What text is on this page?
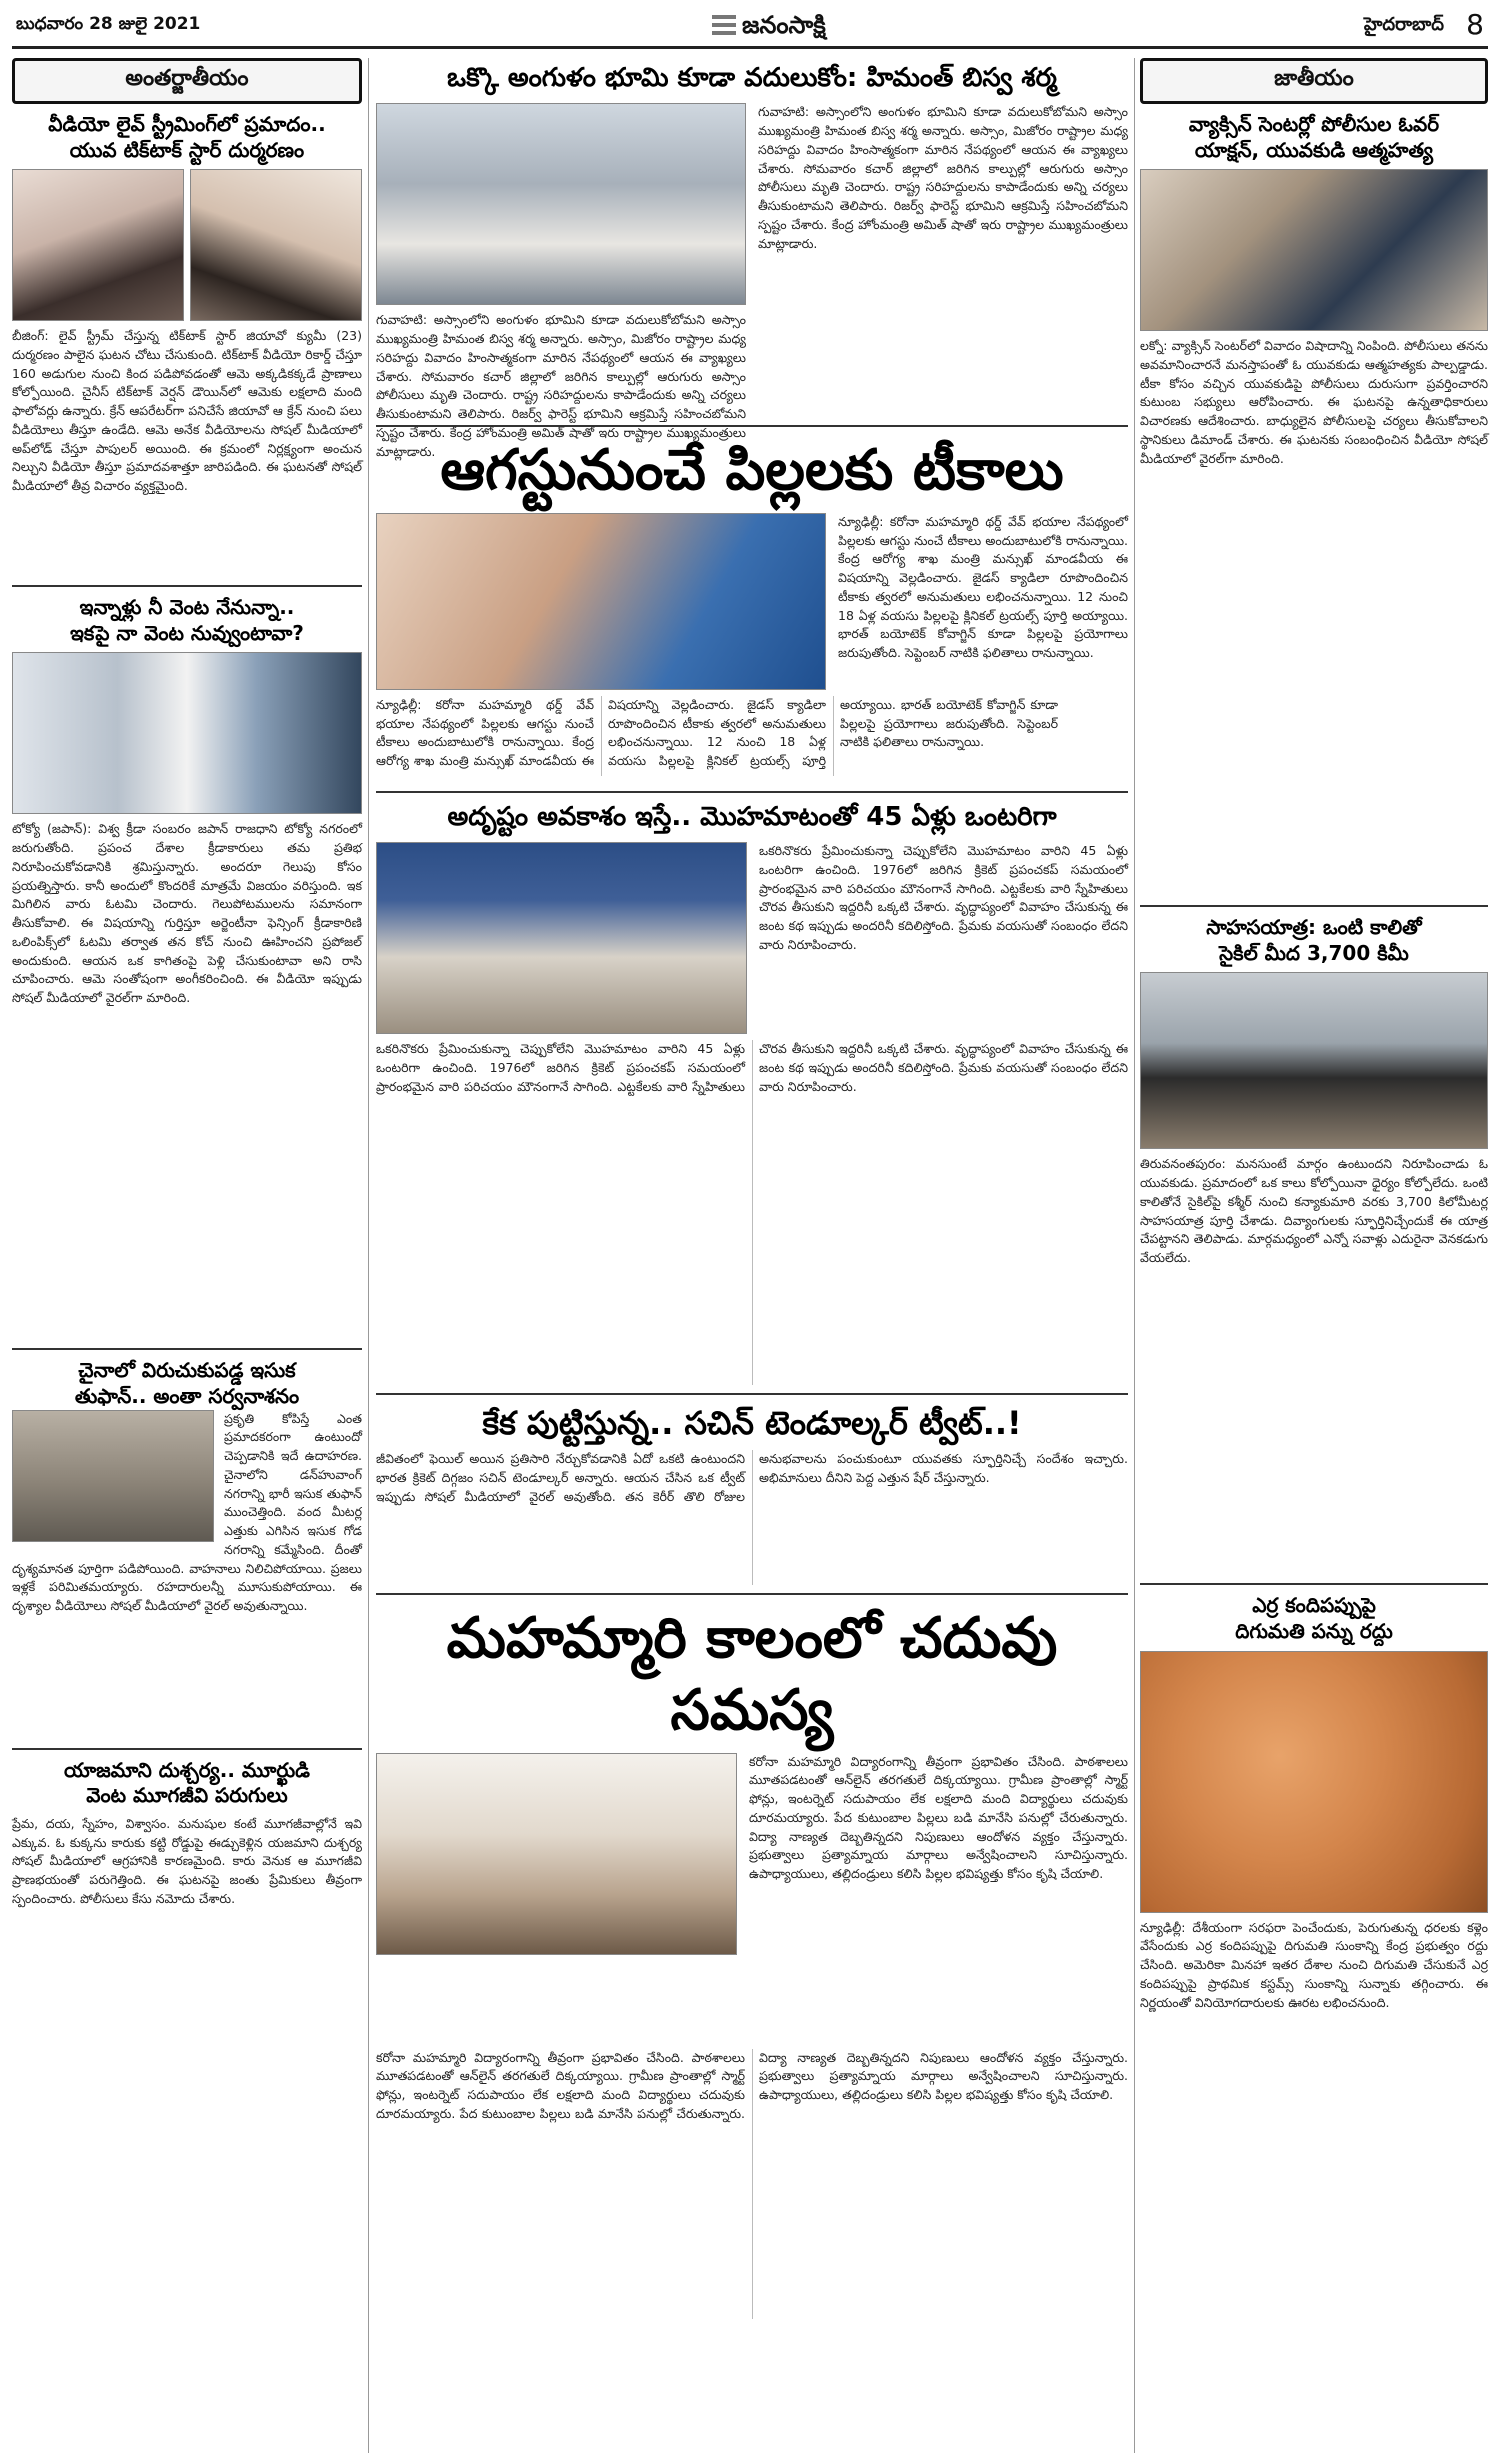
బుధవారం 28 జులై 2021	జనంసాక్షి	హైదరాబాద్ 8
అంతర్జాతీయం
వీడియో లైవ్ స్ట్రీమింగ్‌లో ప్రమాదం..
యువ టిక్‌టాక్ స్టార్ దుర్మరణం
బీజింగ్: లైవ్ స్ట్రీమ్ చేస్తున్న టిక్‌టాక్ స్టార్ జియావో క్యుమీ (23) దుర్మరణం పాలైన ఘటన చోటు చేసుకుంది. టిక్‌టాక్ వీడియో రికార్డ్ చేస్తూ 160 అడుగుల నుంచి కింద పడిపోవడంతో ఆమె అక్కడికక్కడే ప్రాణాలు కోల్పోయింది. చైనీస్ టిక్‌టాక్ వెర్షన్ డౌయిన్‌లో ఆమెకు లక్షలాది మంది ఫాలోవర్లు ఉన్నారు. క్రేన్ ఆపరేటర్‌గా పనిచేసే జియావో ఆ క్రేన్ నుంచి పలు వీడియోలు తీస్తూ ఉండేది. ఆమె అనేక వీడియోలను సోషల్ మీడియాలో అప్‌లోడ్ చేస్తూ పాపులర్ అయింది. ఈ క్రమంలో నిర్లక్ష్యంగా అంచున నిల్చుని వీడియో తీస్తూ ప్రమాదవశాత్తూ జారిపడింది. ఈ ఘటనతో సోషల్ మీడియాలో తీవ్ర విచారం వ్యక్తమైంది.
ఇన్నాళ్లు నీ వెంట నేనున్నా..
ఇకపై నా వెంట నువ్వుంటావా?
టోక్యో (జపాన్): విశ్వ క్రీడా సంబరం జపాన్ రాజధాని టోక్యో నగరంలో జరుగుతోంది. ప్రపంచ దేశాల క్రీడాకారులు తమ ప్రతిభ నిరూపించుకోవడానికి శ్రమిస్తున్నారు. అందరూ గెలుపు కోసం ప్రయత్నిస్తారు. కానీ అందులో కొందరికే మాత్రమే విజయం వరిస్తుంది. ఇక మిగిలిన వారు ఓటమి చెందారు. గెలుపోటములను సమానంగా తీసుకోవాలి. ఈ విషయాన్ని గుర్తిస్తూ అర్జెంటీనా ఫెన్సింగ్ క్రీడాకారిణి ఒలింపిక్స్‌లో ఓటమి తర్వాత తన కోచ్ నుంచి ఊహించని ప్రపోజల్ అందుకుంది. ఆయన ఒక కాగితంపై పెళ్లి చేసుకుంటావా అని రాసి చూపించారు. ఆమె సంతోషంగా అంగీకరించింది. ఈ వీడియో ఇప్పుడు సోషల్ మీడియాలో వైరల్‌గా మారింది.
చైనాలో విరుచుకుపడ్డ ఇసుక
తుఫాన్‌.. అంతా సర్వనాశనం
ప్రకృతి కోపిస్తే ఎంత ప్రమాదకరంగా ఉంటుందో చెప్పడానికి ఇదే ఉదాహరణ. చైనాలోని డన్‌హువాంగ్ నగరాన్ని భారీ ఇసుక తుఫాన్ ముంచెత్తింది. వంద మీటర్ల ఎత్తుకు ఎగిసిన ఇసుక గోడ నగరాన్ని కమ్మేసింది. దీంతో దృశ్యమానత పూర్తిగా పడిపోయింది. వాహనాలు నిలిచిపోయాయి. ప్రజలు ఇళ్లకే పరిమితమయ్యారు. రహదారులన్నీ మూసుకుపోయాయి. ఈ దృశ్యాల వీడియోలు సోషల్ మీడియాలో వైరల్ అవుతున్నాయి.
యాజమాని దుశ్చర్య.. మూర్ఖుడి
వెంట మూగజీవి పరుగులు
ప్రేమ, దయ, స్నేహం, విశ్వాసం. మనుషుల కంటే మూగజీవాల్లోనే ఇవి ఎక్కువ. ఓ కుక్కను కారుకు కట్టి రోడ్డుపై ఈడ్చుకెళ్లిన యజమాని దుశ్చర్య సోషల్ మీడియాలో ఆగ్రహానికి కారణమైంది. కారు వెనుక ఆ మూగజీవి ప్రాణభయంతో పరుగెత్తింది. ఈ ఘటనపై జంతు ప్రేమికులు తీవ్రంగా స్పందించారు. పోలీసులు కేసు నమోదు చేశారు.
ఒక్కొ అంగుళం భూమి కూడా వదులుకోం: హిమంత్ బిస్వ శర్మ
గువాహటి: అస్సాంలోని అంగుళం భూమిని కూడా వదులుకోబోమని అస్సాం ముఖ్యమంత్రి హిమంత బిస్వ శర్మ అన్నారు. అస్సాం, మిజోరం రాష్ట్రాల మధ్య సరిహద్దు వివాదం హింసాత్మకంగా మారిన నేపథ్యంలో ఆయన ఈ వ్యాఖ్యలు చేశారు. సోమవారం కచార్ జిల్లాలో జరిగిన కాల్పుల్లో ఆరుగురు అస్సాం పోలీసులు మృతి చెందారు. రాష్ట్ర సరిహద్దులను కాపాడేందుకు అన్ని చర్యలు తీసుకుంటామని తెలిపారు. రిజర్వ్ ఫారెస్ట్ భూమిని ఆక్రమిస్తే సహించబోమని స్పష్టం చేశారు. కేంద్ర హోంమంత్రి అమిత్ షాతో ఇరు రాష్ట్రాల ముఖ్యమంత్రులు మాట్లాడారు.
గువాహటి: అస్సాంలోని అంగుళం భూమిని కూడా వదులుకోబోమని అస్సాం ముఖ్యమంత్రి హిమంత బిస్వ శర్మ అన్నారు. అస్సాం, మిజోరం రాష్ట్రాల మధ్య సరిహద్దు వివాదం హింసాత్మకంగా మారిన నేపథ్యంలో ఆయన ఈ వ్యాఖ్యలు చేశారు. సోమవారం కచార్ జిల్లాలో జరిగిన కాల్పుల్లో ఆరుగురు అస్సాం పోలీసులు మృతి చెందారు. రాష్ట్ర సరిహద్దులను కాపాడేందుకు అన్ని చర్యలు తీసుకుంటామని తెలిపారు. రిజర్వ్ ఫారెస్ట్ భూమిని ఆక్రమిస్తే సహించబోమని స్పష్టం చేశారు. కేంద్ర హోంమంత్రి అమిత్ షాతో ఇరు రాష్ట్రాల ముఖ్యమంత్రులు మాట్లాడారు.
ఆగస్టునుంచే పిల్లలకు టీకాలు
న్యూఢిల్లీ: కరోనా మహమ్మారి థర్డ్ వేవ్ భయాల నేపథ్యంలో పిల్లలకు ఆగస్టు నుంచే టీకాలు అందుబాటులోకి రానున్నాయి. కేంద్ర ఆరోగ్య శాఖ మంత్రి మన్సుఖ్ మాండవీయ ఈ విషయాన్ని వెల్లడించారు. జైడస్ క్యాడిలా రూపొందించిన టీకాకు త్వరలో అనుమతులు లభించనున్నాయి. 12 నుంచి 18 ఏళ్ల వయసు పిల్లలపై క్లినికల్ ట్రయల్స్ పూర్తి అయ్యాయి. భారత్ బయోటెక్ కోవాగ్జిన్ కూడా పిల్లలపై ప్రయోగాలు జరుపుతోంది. సెప్టెంబర్ నాటికి ఫలితాలు రానున్నాయి.
న్యూఢిల్లీ: కరోనా మహమ్మారి థర్డ్ వేవ్ భయాల నేపథ్యంలో పిల్లలకు ఆగస్టు నుంచే టీకాలు అందుబాటులోకి రానున్నాయి. కేంద్ర ఆరోగ్య శాఖ మంత్రి మన్సుఖ్ మాండవీయ ఈ విషయాన్ని వెల్లడించారు. జైడస్ క్యాడిలా రూపొందించిన టీకాకు త్వరలో అనుమతులు లభించనున్నాయి. 12 నుంచి 18 ఏళ్ల వయసు పిల్లలపై క్లినికల్ ట్రయల్స్ పూర్తి అయ్యాయి. భారత్ బయోటెక్ కోవాగ్జిన్ కూడా పిల్లలపై ప్రయోగాలు జరుపుతోంది. సెప్టెంబర్ నాటికి ఫలితాలు రానున్నాయి.
అదృష్టం అవకాశం ఇస్తే.. మొహమాటంతో 45 ఏళ్లు ఒంటరిగా
ఒకరినొకరు ప్రేమించుకున్నా చెప్పుకోలేని మొహమాటం వారిని 45 ఏళ్లు ఒంటరిగా ఉంచింది. 1976లో జరిగిన క్రికెట్ ప్రపంచకప్ సమయంలో ప్రారంభమైన వారి పరిచయం మౌనంగానే సాగింది. ఎట్టకేలకు వారి స్నేహితులు చొరవ తీసుకుని ఇద్దరినీ ఒక్కటి చేశారు. వృద్ధాప్యంలో వివాహం చేసుకున్న ఈ జంట కథ ఇప్పుడు అందరినీ కదిలిస్తోంది. ప్రేమకు వయసుతో సంబంధం లేదని వారు నిరూపించారు.
ఒకరినొకరు ప్రేమించుకున్నా చెప్పుకోలేని మొహమాటం వారిని 45 ఏళ్లు ఒంటరిగా ఉంచింది. 1976లో జరిగిన క్రికెట్ ప్రపంచకప్ సమయంలో ప్రారంభమైన వారి పరిచయం మౌనంగానే సాగింది. ఎట్టకేలకు వారి స్నేహితులు చొరవ తీసుకుని ఇద్దరినీ ఒక్కటి చేశారు. వృద్ధాప్యంలో వివాహం చేసుకున్న ఈ జంట కథ ఇప్పుడు అందరినీ కదిలిస్తోంది. ప్రేమకు వయసుతో సంబంధం లేదని వారు నిరూపించారు.
కేక పుట్టిస్తున్న.. సచిన్ టెండూల్కర్ ట్వీట్‌..!
జీవితంలో ఫెయిల్ అయిన ప్రతిసారి నేర్చుకోవడానికి ఏదో ఒకటి ఉంటుందని భారత క్రికెట్ దిగ్గజం సచిన్ టెండూల్కర్ అన్నారు. ఆయన చేసిన ఒక ట్వీట్ ఇప్పుడు సోషల్ మీడియాలో వైరల్ అవుతోంది. తన కెరీర్ తొలి రోజుల అనుభవాలను పంచుకుంటూ యువతకు స్ఫూర్తినిచ్చే సందేశం ఇచ్చారు. అభిమానులు దీనిని పెద్ద ఎత్తున షేర్ చేస్తున్నారు.
మహమ్మారి కాలంలో చదువు సమస్య
కరోనా మహమ్మారి విద్యారంగాన్ని తీవ్రంగా ప్రభావితం చేసింది. పాఠశాలలు మూతపడటంతో ఆన్‌లైన్ తరగతులే దిక్కయ్యాయి. గ్రామీణ ప్రాంతాల్లో స్మార్ట్ ఫోన్లు, ఇంటర్నెట్ సదుపాయం లేక లక్షలాది మంది విద్యార్థులు చదువుకు దూరమయ్యారు. పేద కుటుంబాల పిల్లలు బడి మానేసి పనుల్లో చేరుతున్నారు. విద్యా నాణ్యత దెబ్బతిన్నదని నిపుణులు ఆందోళన వ్యక్తం చేస్తున్నారు. ప్రభుత్వాలు ప్రత్యామ్నాయ మార్గాలు అన్వేషించాలని సూచిస్తున్నారు. ఉపాధ్యాయులు, తల్లిదండ్రులు కలిసి పిల్లల భవిష్యత్తు కోసం కృషి చేయాలి.
కరోనా మహమ్మారి విద్యారంగాన్ని తీవ్రంగా ప్రభావితం చేసింది. పాఠశాలలు మూతపడటంతో ఆన్‌లైన్ తరగతులే దిక్కయ్యాయి. గ్రామీణ ప్రాంతాల్లో స్మార్ట్ ఫోన్లు, ఇంటర్నెట్ సదుపాయం లేక లక్షలాది మంది విద్యార్థులు చదువుకు దూరమయ్యారు. పేద కుటుంబాల పిల్లలు బడి మానేసి పనుల్లో చేరుతున్నారు. విద్యా నాణ్యత దెబ్బతిన్నదని నిపుణులు ఆందోళన వ్యక్తం చేస్తున్నారు. ప్రభుత్వాలు ప్రత్యామ్నాయ మార్గాలు అన్వేషించాలని సూచిస్తున్నారు. ఉపాధ్యాయులు, తల్లిదండ్రులు కలిసి పిల్లల భవిష్యత్తు కోసం కృషి చేయాలి.
జాతీయం
వ్యాక్సిన్ సెంటర్లో పోలీసుల ఓవర్
యాక్షన్‌, యువకుడి ఆత్మహత్య
లక్నో: వ్యాక్సిన్ సెంటర్‌లో వివాదం విషాదాన్ని నింపింది. పోలీసులు తనను అవమానించారనే మనస్తాపంతో ఓ యువకుడు ఆత్మహత్యకు పాల్పడ్డాడు. టీకా కోసం వచ్చిన యువకుడిపై పోలీసులు దురుసుగా ప్రవర్తించారని కుటుంబ సభ్యులు ఆరోపించారు. ఈ ఘటనపై ఉన్నతాధికారులు విచారణకు ఆదేశించారు. బాధ్యులైన పోలీసులపై చర్యలు తీసుకోవాలని స్థానికులు డిమాండ్ చేశారు. ఈ ఘటనకు సంబంధించిన వీడియో సోషల్ మీడియాలో వైరల్‌గా మారింది.
సాహసయాత్ర: ఒంటి కాలితో
సైకిల్ మీద 3,700 కిమీ
తిరువనంతపురం: మనసుంటే మార్గం ఉంటుందని నిరూపించాడు ఓ యువకుడు. ప్రమాదంలో ఒక కాలు కోల్పోయినా ధైర్యం కోల్పోలేదు. ఒంటి కాలితోనే సైకిల్‌పై కశ్మీర్ నుంచి కన్యాకుమారి వరకు 3,700 కిలోమీటర్ల సాహసయాత్ర పూర్తి చేశాడు. దివ్యాంగులకు స్ఫూర్తినిచ్చేందుకే ఈ యాత్ర చేపట్టానని తెలిపాడు. మార్గమధ్యంలో ఎన్నో సవాళ్లు ఎదురైనా వెనకడుగు వేయలేదు.
ఎర్ర కందిపప్పుపై
దిగుమతి పన్ను రద్దు
న్యూఢిల్లీ: దేశీయంగా సరఫరా పెంచేందుకు, పెరుగుతున్న ధరలకు కళ్లెం వేసేందుకు ఎర్ర కందిపప్పుపై దిగుమతి సుంకాన్ని కేంద్ర ప్రభుత్వం రద్దు చేసింది. అమెరికా మినహా ఇతర దేశాల నుంచి దిగుమతి చేసుకునే ఎర్ర కందిపప్పుపై ప్రాథమిక కస్టమ్స్ సుంకాన్ని సున్నాకు తగ్గించారు. ఈ నిర్ణయంతో వినియోగదారులకు ఊరట లభించనుంది.
